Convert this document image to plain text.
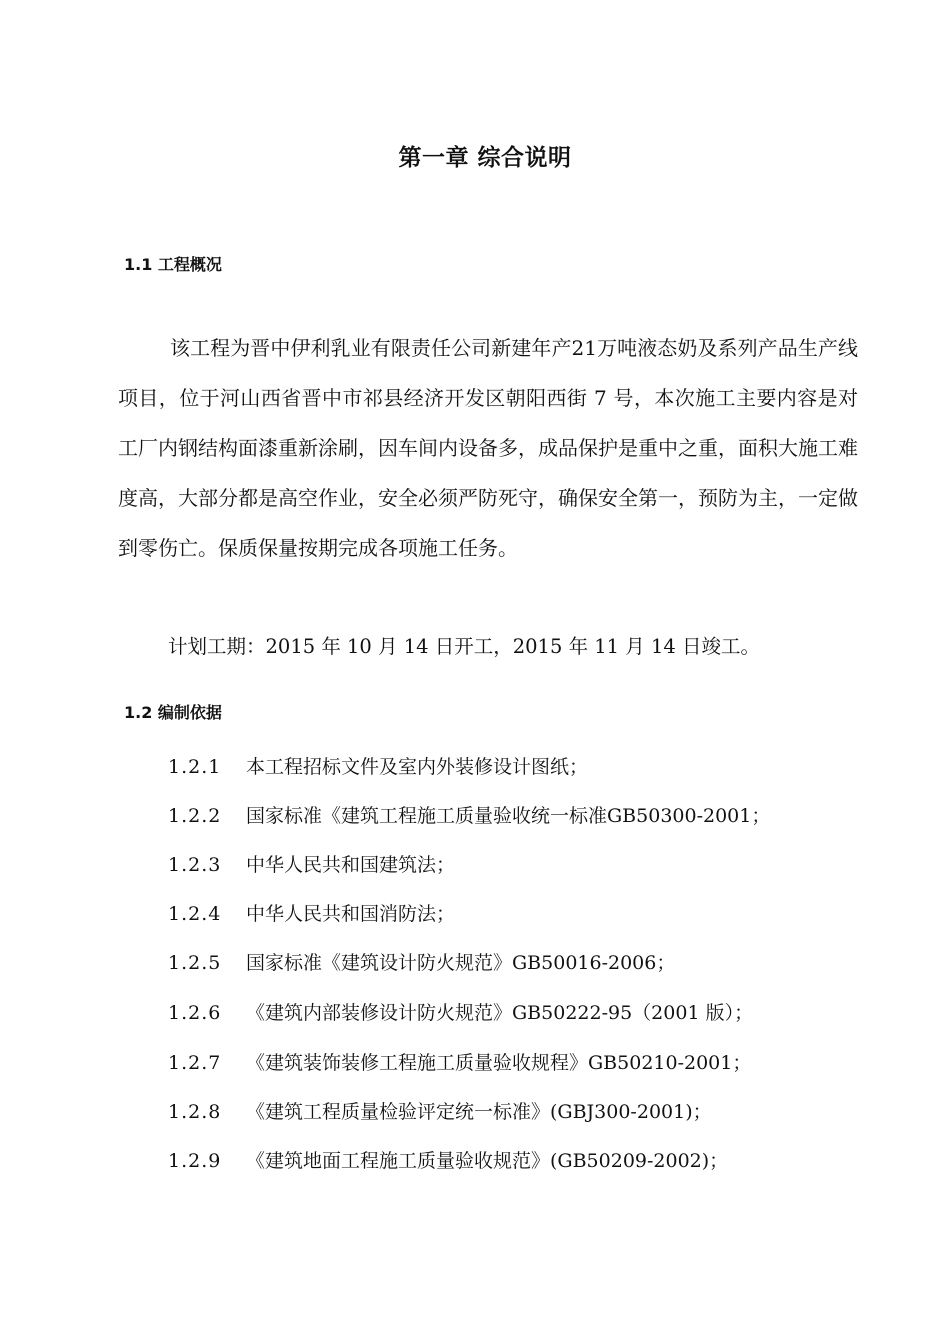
第一章 综合说明
1.1 工程概况
该工程为晋中伊利乳业有限责任公司新建年产21万吨液态奶及系列产品生产线项目，位于河山西省晋中市祁县经济开发区朝阳西街 7 号，本次施工主要内容是对工厂内钢结构面漆重新涂刷，因车间内设备多，成品保护是重中之重，面积大施工难度高，大部分都是高空作业，安全必须严防死守，确保安全第一，预防为主，一定做到零伤亡。保质保量按期完成各项施工任务。
计划工期：2015 年 10 月 14 日开工，2015 年 11 月 14 日竣工。
1.2 编制依据
1.2.1 本工程招标文件及室内外装修设计图纸；
1.2.2 国家标准《建筑工程施工质量验收统一标准GB50300-2001；
1.2.3 中华人民共和国建筑法；
1.2.4 中华人民共和国消防法；
1.2.5 国家标准《建筑设计防火规范》GB50016-2006；
1.2.6 《建筑内部装修设计防火规范》GB50222-95（2001 版）；
1.2.7 《建筑装饰装修工程施工质量验收规程》GB50210-2001；
1.2.8 《建筑工程质量检验评定统一标准》(GBJ300-2001)；
1.2.9 《建筑地面工程施工质量验收规范》(GB50209-2002)；
